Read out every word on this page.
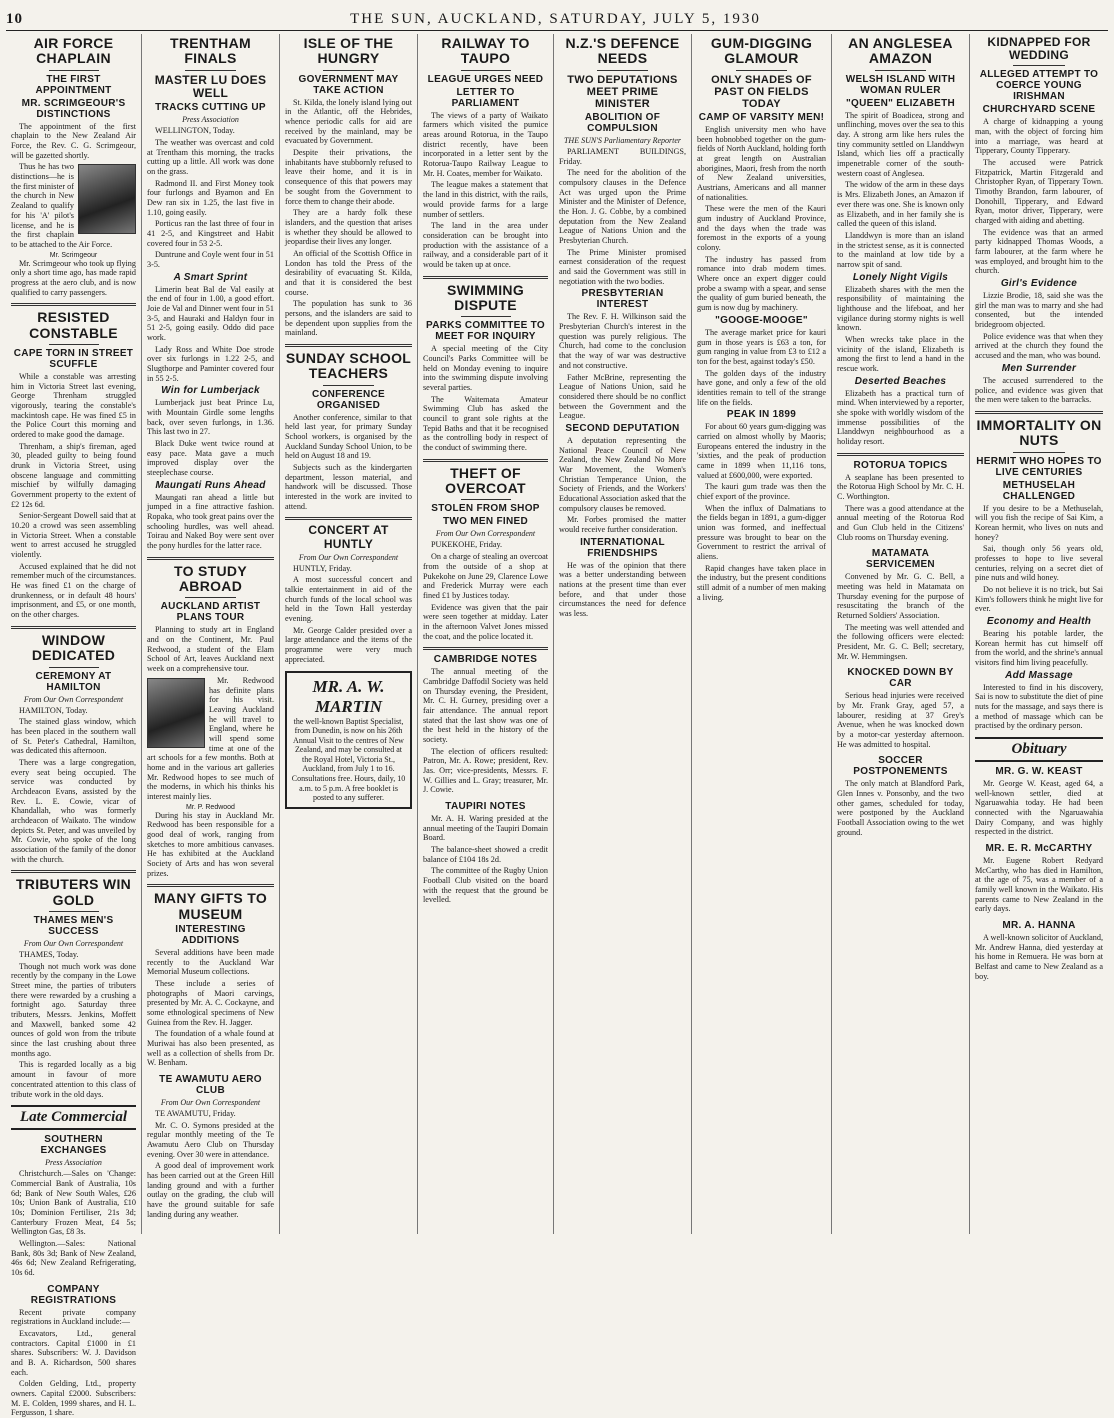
10	THE SUN, AUCKLAND, SATURDAY, JULY 5, 1930
AIR FORCE CHAPLAIN
THE FIRST APPOINTMENT
MR. SCRIMGEOUR'S DISTINCTIONS

The appointment of the first chaplain to the New Zealand Air Force, the Rev. C. G. Scrimgeour, will be gazetted shortly.

Thus he has two distinctions—he is the first minister of the church in New Zealand to qualify for his 'A' pilot's license, and he is the first chaplain to be attached to the Air Force.

Mr. Scrimgeour

Mr. Scrimgeour who took up flying only a short time ago, has made rapid progress at the aero club, and is now qualified to carry passengers.

RESISTED CONSTABLE
CAPE TORN IN STREET SCUFFLE

While a constable was arresting him in Victoria Street last evening, George Threnham struggled vigorously, tearing the constable's mackintosh cape. He was fined £5 in the Police Court this morning and ordered to make good the damage.

Threnham, a ship's fireman, aged 30, pleaded guilty to being found drunk in Victoria Street, using obscene language and committing mischief by wilfully damaging Government property to the extent of £2 12s 6d.

Senior-Sergeant Dowell said that at 10.20 a crowd was seen assembling in Victoria Street. When a constable went to arrest accused he struggled violently.

Accused explained that he did not remember much of the circumstances. He was fined £1 on the charge of drunkenness, or in default 48 hours' imprisonment, and £5, or one month, on the other charges.

WINDOW DEDICATED
CEREMONY AT HAMILTON
From Our Own Correspondent

HAMILTON, Today.

The stained glass window, which has been placed in the southern wall of St. Peter's Cathedral, Hamilton, was dedicated this afternoon.

There was a large congregation, every seat being occupied. The service was conducted by Archdeacon Evans, assisted by the Rev. L. E. Cowie, vicar of Khandallah, who was formerly archdeacon of Waikato. The window depicts St. Peter, and was unveiled by Mr. Cowie, who spoke of the long association of the family of the donor with the church.

TRIBUTERS WIN GOLD
THAMES MEN'S SUCCESS
From Our Own Correspondent

THAMES, Today.

Though not much work was done recently by the company in the Lowe Street mine, the parties of tributers there were rewarded by a crushing a fortnight ago. Saturday three tributers, Messrs. Jenkins, Moffett and Maxwell, banked some 42 ounces of gold won from the tribute since the last crushing about three months ago.

This is regarded locally as a big amount in favour of more concentrated attention to this class of tribute work in the old days.

Late Commercial
SOUTHERN EXCHANGES
Press Association

Christchurch.—Sales on 'Change: Commercial Bank of Australia, 10s 6d; Bank of New South Wales, £26 10s; Union Bank of Australia, £10 10s; Dominion Fertiliser, 21s 3d; Canterbury Frozen Meat, £4 5s; Wellington Gas, £8 3s.

Wellington.—Sales: National Bank, 80s 3d; Bank of New Zealand, 46s 6d; New Zealand Refrigerating, 10s 6d.

COMPANY REGISTRATIONS

Recent private company registrations in Auckland include:—

Excavators, Ltd., general contractors. Capital £1000 in £1 shares. Subscribers: W. J. Davidson and B. A. Richardson, 500 shares each.

Colden Gelding, Ltd., property owners. Capital £2000. Subscribers: M. E. Colden, 1999 shares, and H. L. Fergusson, 1 share.

TRENTHAM FINALS
MASTER LU DOES WELL
TRACKS CUTTING UP
Press Association

WELLINGTON, Today.

The weather was overcast and cold at Trentham this morning, the tracks cutting up a little. All work was done on the grass.

Radmond II. and First Money took four furlongs and Byamon and En Dew ran six in 1.25, the last five in 1.10, going easily.

Porticus ran the last three of four in 41 2-5, and Kingstreet and Habit covered four in 53 2-5.

Duntrune and Coyle went four in 51 3-5.

A Smart Sprint

Limerin beat Bal de Val easily at the end of four in 1.00, a good effort. Joie de Val and Dinner went four in 51 3-5, and Hauraki and Haldyn four in 51 2-5, going easily. Oddo did pace work.

Lady Ross and White Doe strode over six furlongs in 1.22 2-5, and Slugthorpe and Paminter covered four in 55 2-5.

Win for Lumberjack

Lumberjack just beat Prince Lu, with Mountain Girdle some lengths back, over seven furlongs, in 1.36. This last two in 27.

Black Duke went twice round at easy pace. Mata gave a much improved display over the steeplechase course.

Maungati Runs Ahead

Maungati ran ahead a little but jumped in a fine attractive fashion. Ropaka, who took great pains over the schooling hurdles, was well ahead. Toirau and Naked Boy were sent over the pony hurdles for the latter race.

TO STUDY ABROAD
AUCKLAND ARTIST PLANS TOUR

Planning to study art in England and on the Continent, Mr. Paul Redwood, a student of the Elam School of Art, leaves Auckland next week on a comprehensive tour.

Mr. Redwood has definite plans for his visit. Leaving Auckland he will travel to England, where he will spend some time at one of the art schools for a few months. Both at home and in the various art galleries Mr. Redwood hopes to see much of the moderns, in which his thinks his interest mainly lies.

Mr. P. Redwood

During his stay in Auckland Mr. Redwood has been responsible for a good deal of work, ranging from sketches to more ambitious canvases. He has exhibited at the Auckland Society of Arts and has won several prizes.

MANY GIFTS TO MUSEUM
INTERESTING ADDITIONS

Several additions have been made recently to the Auckland War Memorial Museum collections.

These include a series of photographs of Maori carvings, presented by Mr. A. C. Cockayne, and some ethnological specimens of New Guinea from the Rev. H. Jagger.

The foundation of a whale found at Muriwai has also been presented, as well as a collection of shells from Dr. W. Benham.

TE AWAMUTU AERO CLUB
From Our Own Correspondent

TE AWAMUTU, Friday.

Mr. C. O. Symons presided at the regular monthly meeting of the Te Awamutu Aero Club on Thursday evening. Over 30 were in attendance.

A good deal of improvement work has been carried out at the Green Hill landing ground and with a further outlay on the grading, the club will have the ground suitable for safe landing during any weather.

ISLE OF THE HUNGRY
GOVERNMENT MAY TAKE ACTION

St. Kilda, the lonely island lying out in the Atlantic, off the Hebrides, whence periodic calls for aid are received by the mainland, may be evacuated by Government.

Despite their privations, the inhabitants have stubbornly refused to leave their home, and it is in consequence of this that powers may be sought from the Government to force them to change their abode.

They are a hardy folk these islanders, and the question that arises is whether they should be allowed to jeopardise their lives any longer.

An official of the Scottish Office in London has told the Press of the desirability of evacuating St. Kilda, and that it is considered the best course.

The population has sunk to 36 persons, and the islanders are said to be dependent upon supplies from the mainland.

SUNDAY SCHOOL TEACHERS
CONFERENCE ORGANISED

Another conference, similar to that held last year, for primary Sunday School workers, is organised by the Auckland Sunday School Union, to be held on August 18 and 19.

Subjects such as the kindergarten department, lesson material, and handwork will be discussed. Those interested in the work are invited to attend.

CONCERT AT HUNTLY
From Our Own Correspondent

HUNTLY, Friday.

A most successful concert and talkie entertainment in aid of the church funds of the local school was held in the Town Hall yesterday evening.

Mr. George Calder presided over a large attendance and the items of the programme were very much appreciated.

MR. A. W. MARTIN
the well-known Baptist Specialist, from Dunedin, is now on his 26th Annual Visit to the centres of New Zealand, and may be consulted at the Royal Hotel, Victoria St., Auckland, from July 1 to 16. Consultations free. Hours, daily, 10 a.m. to 5 p.m. A free booklet is posted to any sufferer.
RAILWAY TO TAUPO
LEAGUE URGES NEED
LETTER TO PARLIAMENT

The views of a party of Waikato farmers which visited the pumice areas around Rotorua, in the Taupo district recently, have been incorporated in a letter sent by the Rotorua-Taupo Railway League to Mr. H. Coates, member for Waikato.

The league makes a statement that the land in this district, with the rails, would provide farms for a large number of settlers.

The land in the area under consideration can be brought into production with the assistance of a railway, and a considerable part of it would be taken up at once.

SWIMMING DISPUTE
PARKS COMMITTEE TO MEET FOR INQUIRY

A special meeting of the City Council's Parks Committee will be held on Monday evening to inquire into the swimming dispute involving several parties.

The Waitemata Amateur Swimming Club has asked the council to grant sole rights at the Tepid Baths and that it be recognised as the controlling body in respect of the conduct of swimming there.

THEFT OF OVERCOAT
STOLEN FROM SHOP
TWO MEN FINED
From Our Own Correspondent

PUKEKOHE, Friday.

On a charge of stealing an overcoat from the outside of a shop at Pukekohe on June 29, Clarence Lowe and Frederick Murray were each fined £1 by Justices today.

Evidence was given that the pair were seen together at midday. Later in the afternoon Valvet Jones missed the coat, and the police located it.

CAMBRIDGE NOTES

The annual meeting of the Cambridge Daffodil Society was held on Thursday evening, the President, Mr. C. H. Gurney, presiding over a fair attendance. The annual report stated that the last show was one of the best held in the history of the society.

The election of officers resulted: Patron, Mr. A. Rowe; president, Rev. Jas. Orr; vice-presidents, Messrs. F. W. Gillies and L. Gray; treasurer, Mr. J. Cowie.

TAUPIRI NOTES

Mr. A. H. Waring presided at the annual meeting of the Taupiri Domain Board.

The balance-sheet showed a credit balance of £104 18s 2d.

The committee of the Rugby Union Football Club visited on the board with the request that the ground be levelled.

N.Z.'S DEFENCE NEEDS
TWO DEPUTATIONS MEET PRIME MINISTER
ABOLITION OF COMPULSION
THE SUN'S Parliamentary Reporter

PARLIAMENT BUILDINGS, Friday.

The need for the abolition of the compulsory clauses in the Defence Act was urged upon the Prime Minister and the Minister of Defence, the Hon. J. G. Cobbe, by a combined deputation from the New Zealand League of Nations Union and the Presbyterian Church.

The Prime Minister promised earnest consideration of the request and said the Government was still in negotiation with the two bodies.

PRESBYTERIAN INTEREST

The Rev. F. H. Wilkinson said the Presbyterian Church's interest in the question was purely religious. The Church, had come to the conclusion that the way of war was destructive and not constructive.

Father McBrine, representing the League of Nations Union, said he considered there should be no conflict between the Government and the League.

SECOND DEPUTATION

A deputation representing the National Peace Council of New Zealand, the New Zealand No More War Movement, the Women's Christian Temperance Union, the Society of Friends, and the Workers' Educational Association asked that the compulsory clauses be removed.

Mr. Forbes promised the matter would receive further consideration.

INTERNATIONAL FRIENDSHIPS

He was of the opinion that there was a better understanding between nations at the present time than ever before, and that under those circumstances the need for defence was less.

GUM-DIGGING GLAMOUR
ONLY SHADES OF PAST ON FIELDS TODAY
CAMP OF VARSITY MEN!

English university men who have been hobnobbed together on the gum-fields of North Auckland, holding forth at great length on Australian aborigines, Maori, fresh from the north of New Zealand universities, Austrians, Americans and all manner of nationalities.

These were the men of the Kauri gum industry of Auckland Province, and the days when the trade was foremost in the exports of a young colony.

The industry has passed from romance into drab modern times. Where once an expert digger could probe a swamp with a spear, and sense the quality of gum buried beneath, the gum is now dug by machinery.

"GOOGE-MOOGE"

The average market price for kauri gum in those years is £63 a ton, for gum ranging in value from £3 to £12 a ton for the best, against today's £50.

The golden days of the industry have gone, and only a few of the old identities remain to tell of the strange life on the fields.

PEAK IN 1899

For about 60 years gum-digging was carried on almost wholly by Maoris; Europeans entered the industry in the 'sixties, and the peak of production came in 1899 when 11,116 tons, valued at £600,000, were exported.

The kauri gum trade was then the chief export of the province.

When the influx of Dalmatians to the fields began in 1891, a gum-digger union was formed, and ineffectual pressure was brought to bear on the Government to restrict the arrival of aliens.

Rapid changes have taken place in the industry, but the present conditions still admit of a number of men making a living.

AN ANGLESEA AMAZON
WELSH ISLAND WITH WOMAN RULER
"QUEEN" ELIZABETH

The spirit of Boadicea, strong and unflinching, moves over the sea to this day. A strong arm like hers rules the tiny community settled on Llanddwyn Island, which lies off a practically impenetrable corner of the south-western coast of Anglesea.

The widow of the arm in these days is Mrs. Elizabeth Jones, an Amazon if ever there was one. She is known only as Elizabeth, and in her family she is called the queen of this island.

Llanddwyn is more than an island in the strictest sense, as it is connected to the mainland at low tide by a narrow spit of sand.

Lonely Night Vigils

Elizabeth shares with the men the responsibility of maintaining the lighthouse and the lifeboat, and her vigilance during stormy nights is well known.

When wrecks take place in the vicinity of the island, Elizabeth is among the first to lend a hand in the rescue work.

Deserted Beaches

Elizabeth has a practical turn of mind. When interviewed by a reporter, she spoke with worldly wisdom of the immense possibilities of the Llanddwyn neighbourhood as a holiday resort.

ROTORUA TOPICS

A seaplane has been presented to the Rotorua High School by Mr. C. H. C. Worthington.

There was a good attendance at the annual meeting of the Rotorua Rod and Gun Club held in the Citizens' Club rooms on Thursday evening.

MATAMATA SERVICEMEN

Convened by Mr. G. C. Bell, a meeting was held in Matamata on Thursday evening for the purpose of resuscitating the branch of the Returned Soldiers' Association.

The meeting was well attended and the following officers were elected: President, Mr. G. C. Bell; secretary, Mr. W. Hemmingsen.

KNOCKED DOWN BY CAR

Serious head injuries were received by Mr. Frank Gray, aged 57, a labourer, residing at 37 Grey's Avenue, when he was knocked down by a motor-car yesterday afternoon. He was admitted to hospital.

SOCCER POSTPONEMENTS

The only match at Blandford Park, Glen Innes v. Ponsonby, and the two other games, scheduled for today, were postponed by the Auckland Football Association owing to the wet ground.

KIDNAPPED FOR WEDDING
ALLEGED ATTEMPT TO COERCE YOUNG IRISHMAN
CHURCHYARD SCENE

A charge of kidnapping a young man, with the object of forcing him into a marriage, was heard at Tipperary, County Tipperary.

The accused were Patrick Fitzpatrick, Martin Fitzgerald and Christopher Ryan, of Tipperary Town. Timothy Brandon, farm labourer, of Donohill, Tipperary, and Edward Ryan, motor driver, Tipperary, were charged with aiding and abetting.

The evidence was that an armed party kidnapped Thomas Woods, a farm labourer, at the farm where he was employed, and brought him to the church.

Girl's Evidence

Lizzie Brodie, 18, said she was the girl the man was to marry and she had consented, but the intended bridegroom objected.

Police evidence was that when they arrived at the church they found the accused and the man, who was bound.

Men Surrender

The accused surrendered to the police, and evidence was given that the men were taken to the barracks.

IMMORTALITY ON NUTS
HERMIT WHO HOPES TO LIVE CENTURIES
METHUSELAH CHALLENGED

If you desire to be a Methuselah, will you fish the recipe of Sai Kim, a Korean hermit, who lives on nuts and honey?

Sai, though only 56 years old, professes to hope to live several centuries, relying on a secret diet of pine nuts and wild honey.

Do not believe it is no trick, but Sai Kim's followers think he might live for ever.

Economy and Health

Bearing his potable larder, the Korean hermit has cut himself off from the world, and the shrine's annual visitors find him living peacefully.

Add Massage

Interested to find in his discovery, Sai is now to substitute the diet of pine nuts for the massage, and says there is a method of massage which can be practised by the ordinary person.

Obituary
MR. G. W. KEAST

Mr. George W. Keast, aged 64, a well-known settler, died at Ngaruawahia today. He had been connected with the Ngaruawahia Dairy Company, and was highly respected in the district.

MR. E. R. McCARTHY

Mr. Eugene Robert Redyard McCarthy, who has died in Hamilton, at the age of 75, was a member of a family well known in the Waikato. His parents came to New Zealand in the early days.

MR. A. HANNA

A well-known solicitor of Auckland, Mr. Andrew Hanna, died yesterday at his home in Remuera. He was born at Belfast and came to New Zealand as a boy.
